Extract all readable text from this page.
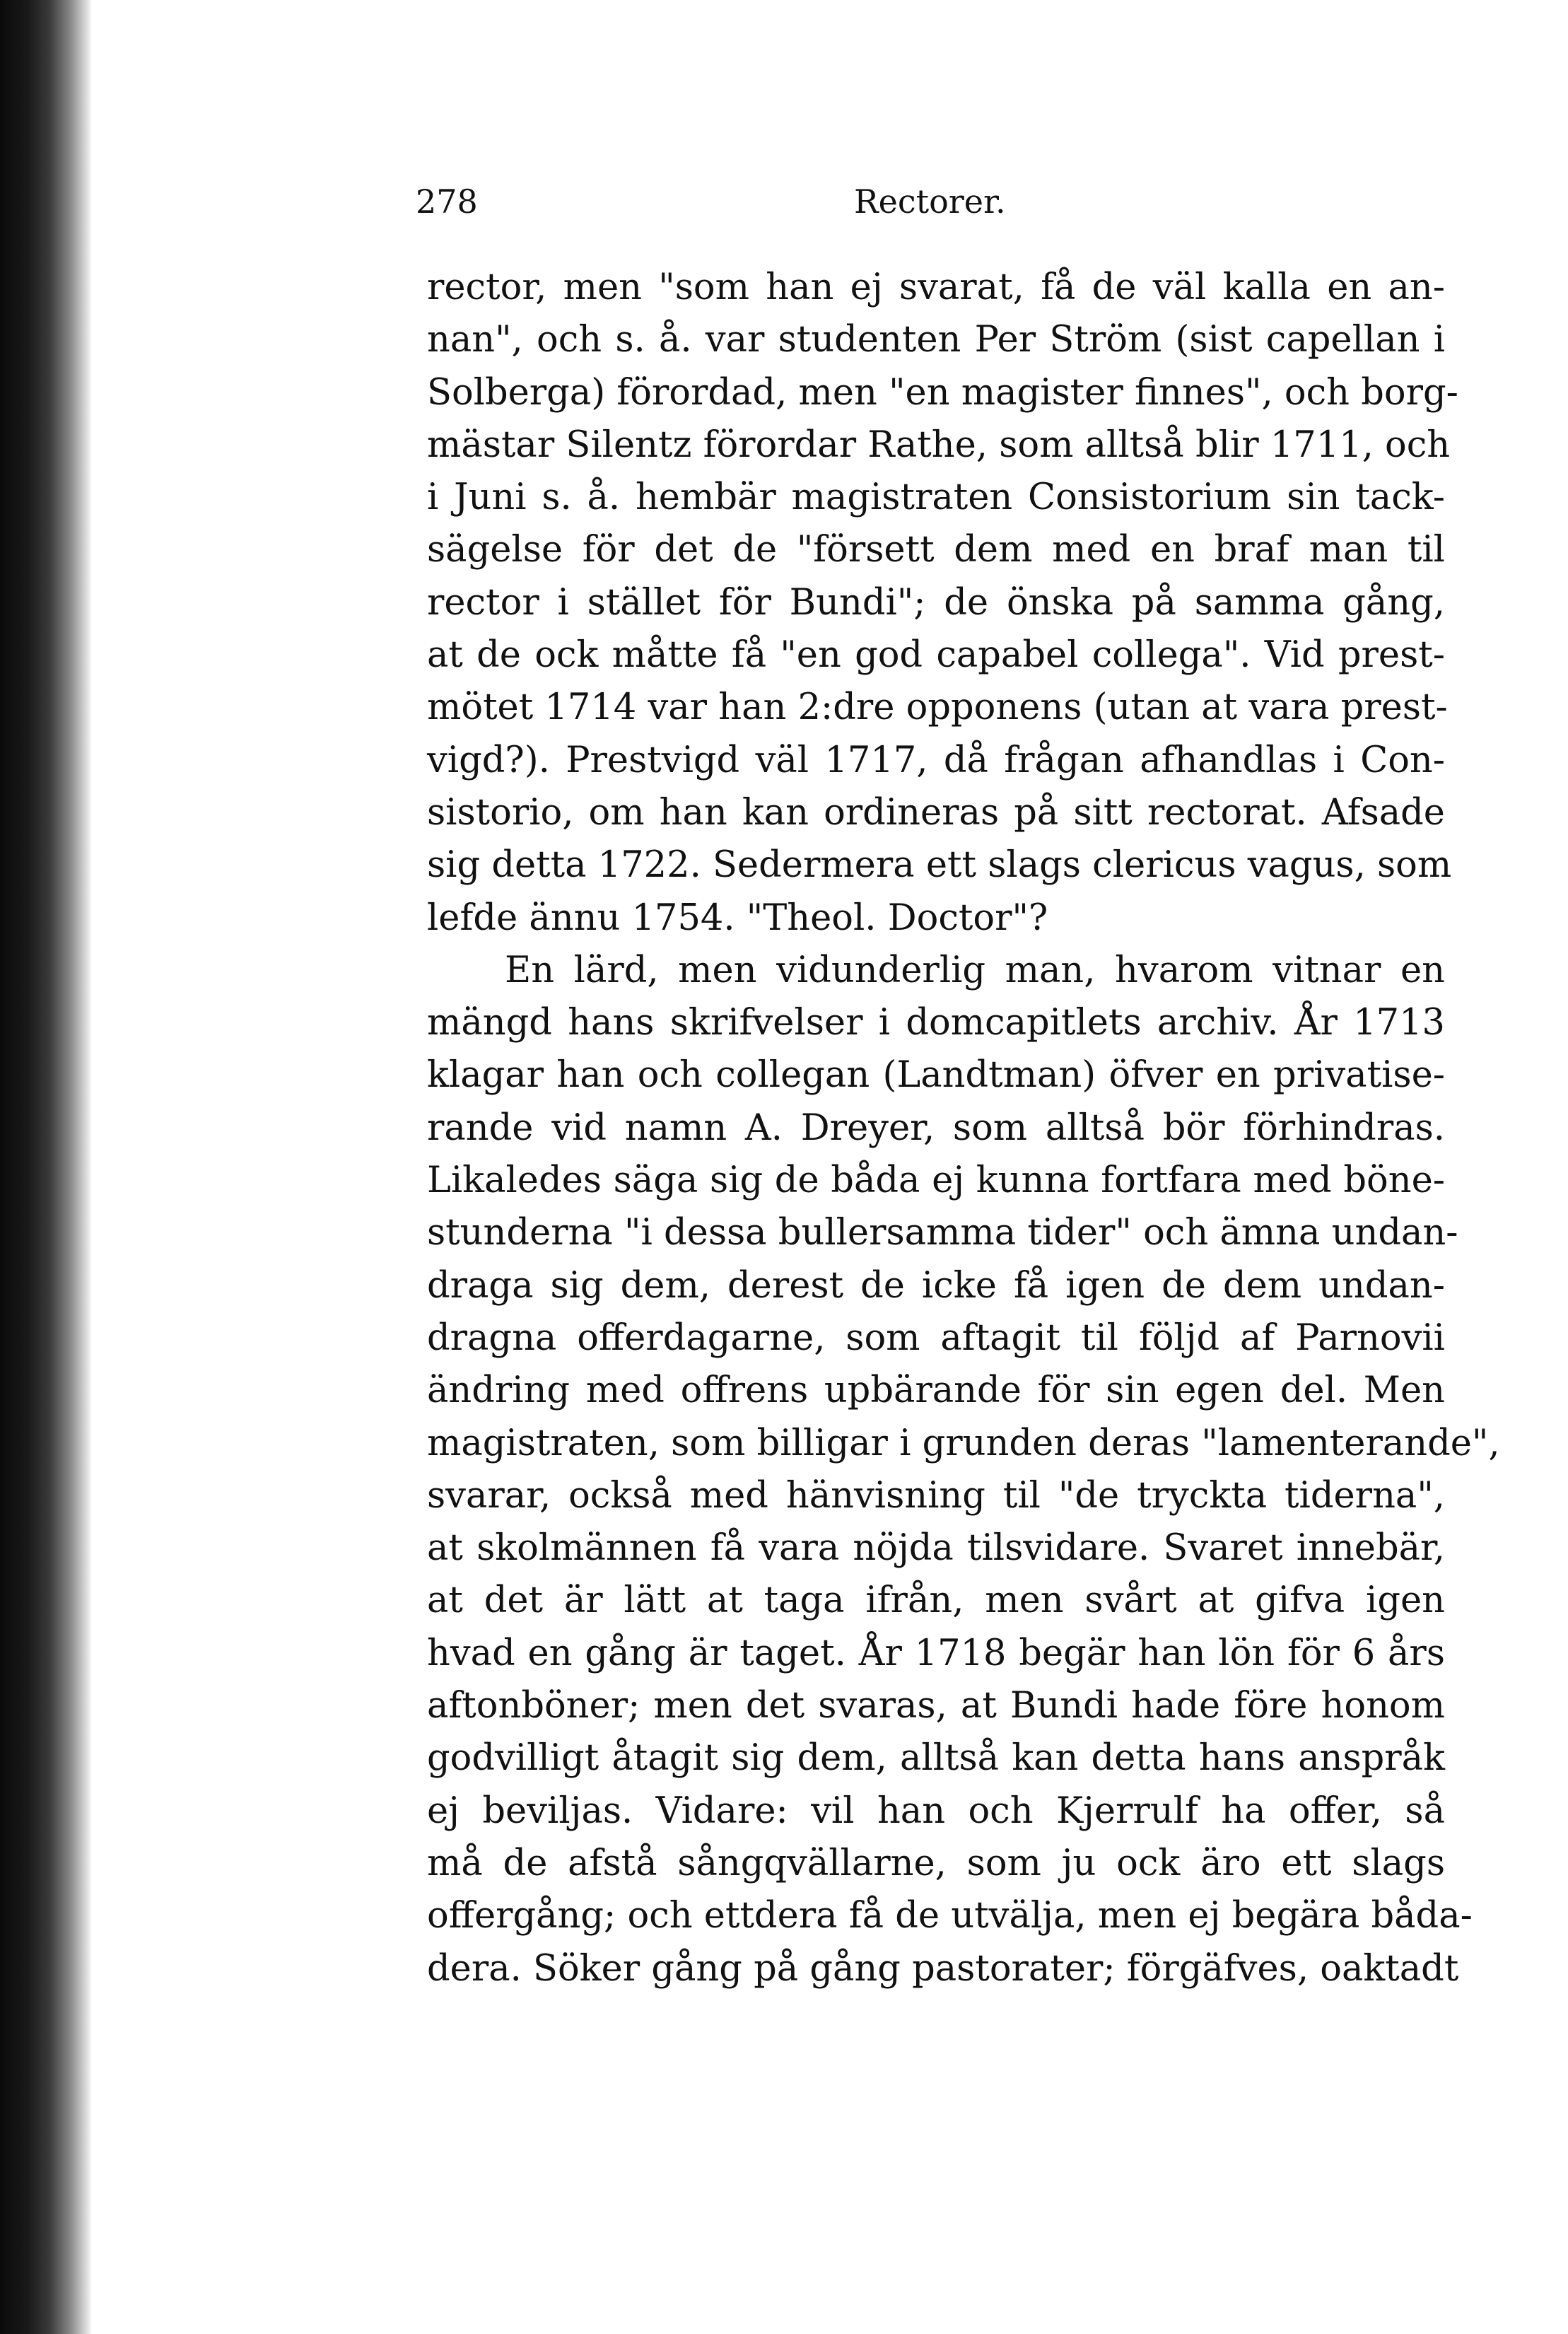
278	Rectorer.
rector, men "som han ej svarat, få de väl kalla en an-
nan", och s. å. var studenten Per Ström (sist capellan i
Solberga) förordad, men "en magister finnes", och borg-
mästar Silentz förordar Rathe, som alltså blir 1711, och
i Juni s. å. hembär magistraten Consistorium sin tack-
sägelse för det de "försett dem med en braf man til
rector i stället för Bundi"; de önska på samma gång,
at de ock måtte få "en god capabel collega". Vid prest-
mötet 1714 var han 2:dre opponens (utan at vara prest-
vigd?). Prestvigd väl 1717, då frågan afhandlas i Con-
sistorio, om han kan ordineras på sitt rectorat. Afsade
sig detta 1722. Sedermera ett slags clericus vagus, som
lefde ännu 1754. "Theol. Doctor"?
En lärd, men vidunderlig man, hvarom vitnar en
mängd hans skrifvelser i domcapitlets archiv. År 1713
klagar han och collegan (Landtman) öfver en privatise-
rande vid namn A. Dreyer, som alltså bör förhindras.
Likaledes säga sig de båda ej kunna fortfara med böne-
stunderna "i dessa bullersamma tider" och ämna undan-
draga sig dem, derest de icke få igen de dem undan-
dragna offerdagarne, som aftagit til följd af Parnovii
ändring med offrens upbärande för sin egen del. Men
magistraten, som billigar i grunden deras "lamenterande",
svarar, också med hänvisning til "de tryckta tiderna",
at skolmännen få vara nöjda tilsvidare. Svaret innebär,
at det är lätt at taga ifrån, men svårt at gifva igen
hvad en gång är taget. År 1718 begär han lön för 6 års
aftonböner; men det svaras, at Bundi hade före honom
godvilligt åtagit sig dem, alltså kan detta hans anspråk
ej beviljas. Vidare: vil han och Kjerrulf ha offer, så
må de afstå sångqvällarne, som ju ock äro ett slags
offergång; och ettdera få de utvälja, men ej begära båda-
dera. Söker gång på gång pastorater; förgäfves, oaktadt
